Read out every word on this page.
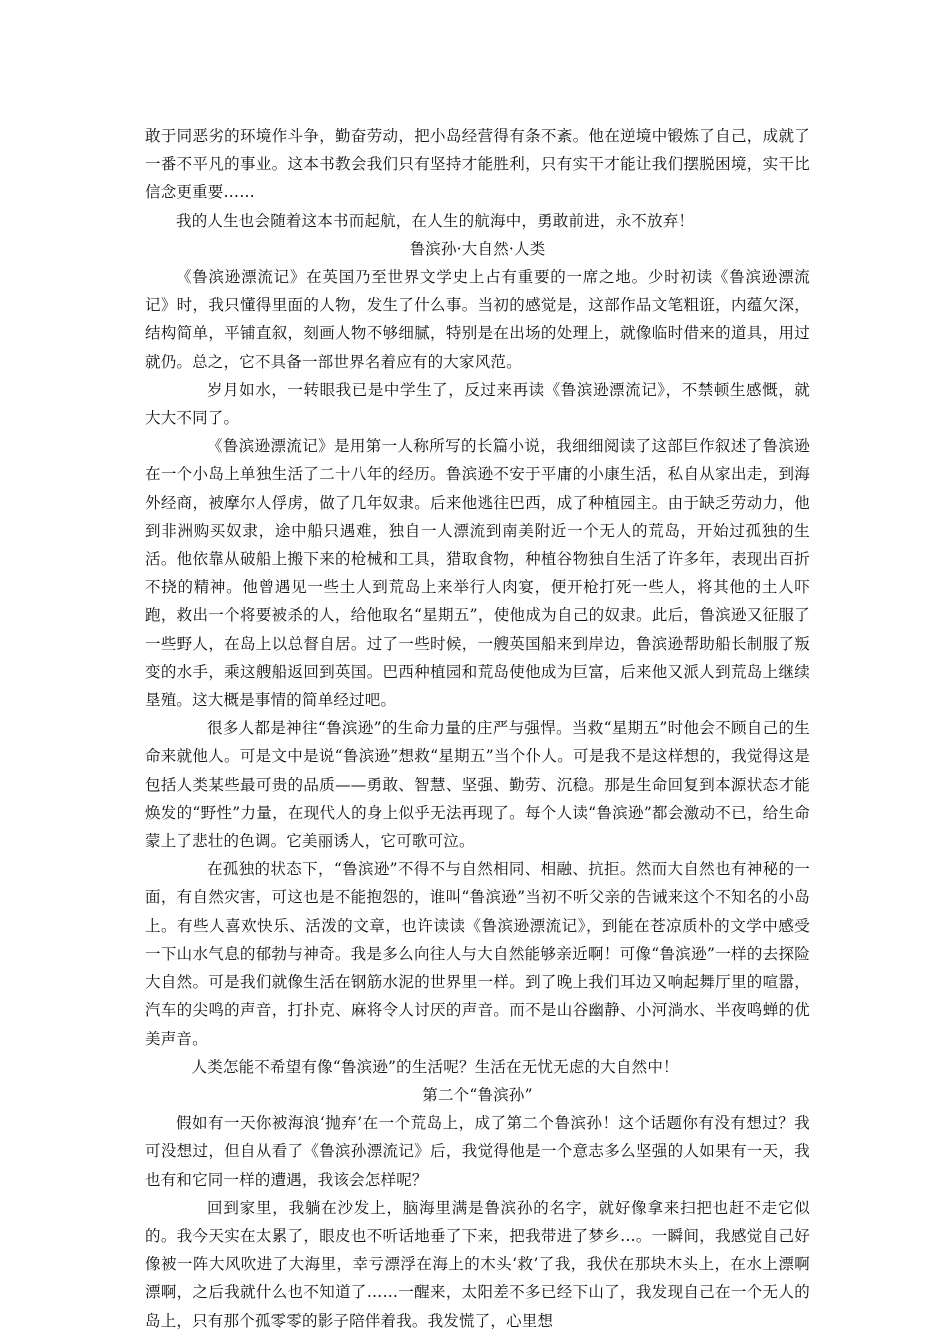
敢于同恶劣的环境作斗争，勤奋劳动，把小岛经营得有条不紊。他在逆境中锻炼了自己，成就了一番不平凡的事业。这本书教会我们只有坚持才能胜利，只有实干才能让我们摆脱困境，实干比信念更重要……

我的人生也会随着这本书而起航，在人生的航海中，勇敢前进，永不放弃！

鲁滨孙·大自然·人类

《鲁滨逊漂流记》在英国乃至世界文学史上占有重要的一席之地。少时初读《鲁滨逊漂流记》时，我只懂得里面的人物，发生了什么事。当初的感觉是，这部作品文笔粗诳，内蕴欠深，结构简单，平铺直叙，刻画人物不够细腻，特别是在出场的处理上，就像临时借来的道具，用过就仍。总之，它不具备一部世界名着应有的大家风范。

岁月如水，一转眼我已是中学生了，反过来再读《鲁滨逊漂流记》，不禁顿生感慨，就大大不同了。

《鲁滨逊漂流记》是用第一人称所写的长篇小说，我细细阅读了这部巨作叙述了鲁滨逊在一个小岛上单独生活了二十八年的经历。鲁滨逊不安于平庸的小康生活，私自从家出走，到海外经商，被摩尔人俘虏，做了几年奴隶。后来他逃往巴西，成了种植园主。由于缺乏劳动力，他到非洲购买奴隶，途中船只遇难，独自一人漂流到南美附近一个无人的荒岛，开始过孤独的生活。他依靠从破船上搬下来的枪械和工具，猎取食物，种植谷物独自生活了许多年，表现出百折不挠的精神。他曾遇见一些土人到荒岛上来举行人肉宴，便开枪打死一些人，将其他的土人吓跑，救出一个将要被杀的人，给他取名“星期五”，使他成为自己的奴隶。此后，鲁滨逊又征服了一些野人，在岛上以总督自居。过了一些时候，一艘英国船来到岸边，鲁滨逊帮助船长制服了叛变的水手，乘这艘船返回到英国。巴西种植园和荒岛使他成为巨富，后来他又派人到荒岛上继续垦殖。这大概是事情的简单经过吧。

很多人都是神往“鲁滨逊”的生命力量的庄严与强悍。当救“星期五”时他会不顾自己的生命来就他人。可是文中是说“鲁滨逊”想救“星期五”当个仆人。可是我不是这样想的，我觉得这是包括人类某些最可贵的品质——勇敢、智慧、坚强、勤劳、沉稳。那是生命回复到本源状态才能焕发的“野性”力量，在现代人的身上似乎无法再现了。每个人读“鲁滨逊”都会激动不已，给生命蒙上了悲壮的色调。它美丽诱人，它可歌可泣。

在孤独的状态下，“鲁滨逊”不得不与自然相同、相融、抗拒。然而大自然也有神秘的一面，有自然灾害，可这也是不能抱怨的，谁叫“鲁滨逊”当初不听父亲的告诫来这个不知名的小岛上。有些人喜欢快乐、活泼的文章，也许读读《鲁滨逊漂流记》，到能在苍凉质朴的文学中感受一下山水气息的郁勃与神奇。我是多么向往人与大自然能够亲近啊！可像“鲁滨逊”一样的去探险大自然。可是我们就像生活在钢筋水泥的世界里一样。到了晚上我们耳边又响起舞厅里的喧嚣，汽车的尖鸣的声音，打扑克、麻将令人讨厌的声音。而不是山谷幽静、小河淌水、半夜鸣蝉的优美声音。

人类怎能不希望有像“鲁滨逊”的生活呢？生活在无忧无虑的大自然中！

第二个“鲁滨孙”

假如有一天你被海浪‘抛弃’在一个荒岛上，成了第二个鲁滨孙！这个话题你有没有想过？我可没想过，但自从看了《鲁滨孙漂流记》后，我觉得他是一个意志多么坚强的人如果有一天，我也有和它同一样的遭遇，我该会怎样呢？

回到家里，我躺在沙发上，脑海里满是鲁滨孙的名字，就好像拿来扫把也赶不走它似的。我今天实在太累了，眼皮也不听话地垂了下来，把我带进了梦乡…。一瞬间，我感觉自己好像被一阵大风吹进了大海里，幸亏漂浮在海上的木头‘救’了我，我伏在那块木头上，在水上漂啊漂啊，之后我就什么也不知道了……一醒来，太阳差不多已经下山了，我发现自己在一个无人的岛上，只有那个孤零零的影子陪伴着我。我发慌了，心里想
